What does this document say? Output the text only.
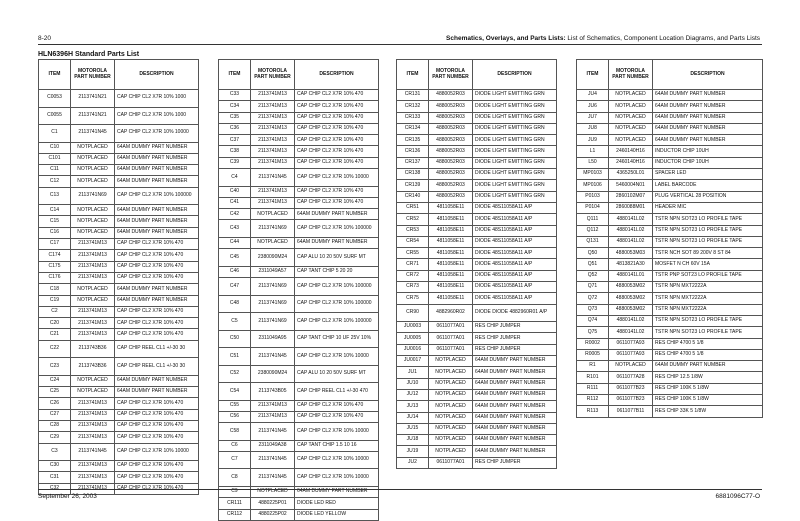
8-20	Schematics, Overlays, and Parts Lists: List of Schematics, Component Location Diagrams, and Parts Lists
HLN6396H Standard Parts List
ITEM	MOTOROLA PART NUMBER	DESCRIPTION
C0053	2113741N21	CAP CHIP CL2 X7R 10% 1000
C0055	2113741N21	CAP CHIP CL2 X7R 10% 1000
C1	2113741N45	CAP CHIP CL2 X7R 10% 10000
C10	NOTPLACED	64AM DUMMY PART NUMBER
C101	NOTPLACED	64AM DUMMY PART NUMBER
C11	NOTPLACED	64AM DUMMY PART NUMBER
C12	NOTPLACED	64AM DUMMY PART NUMBER
C13	2113741N69	CAP CHIP CL2 X7R 10% 100000
C14	NOTPLACED	64AM DUMMY PART NUMBER
C15	NOTPLACED	64AM DUMMY PART NUMBER
C16	NOTPLACED	64AM DUMMY PART NUMBER
C17	2113741M13	CAP CHIP CL2 X7R 10% 470
C174	2113741M13	CAP CHIP CL2 X7R 10% 470
C175	2113741M13	CAP CHIP CL2 X7R 10% 470
C176	2113741M13	CAP CHIP CL2 X7R 10% 470
C18	NOTPLACED	64AM DUMMY PART NUMBER
C19	NOTPLACED	64AM DUMMY PART NUMBER
C2	2113741M13	CAP CHIP CL2 X7R 10% 470
C20	2113741M13	CAP CHIP CL2 X7R 10% 470
C21	2113741M13	CAP CHIP CL2 X7R 10% 470
C22	2113743B36	CAP CHIP REEL CL1 +/-30 30
C23	2113743B36	CAP CHIP REEL CL1 +/-30 30
C24	NOTPLACED	64AM DUMMY PART NUMBER
C25	NOTPLACED	64AM DUMMY PART NUMBER
C26	2113741M13	CAP CHIP CL2 X7R 10% 470
C27	2113741M13	CAP CHIP CL2 X7R 10% 470
C28	2113741M13	CAP CHIP CL2 X7R 10% 470
C29	2113741M13	CAP CHIP CL2 X7R 10% 470
C3	2113741N45	CAP CHIP CL2 X7R 10% 10000
C30	2113741M13	CAP CHIP CL2 X7R 10% 470
C31	2113741M13	CAP CHIP CL2 X7R 10% 470
C32	2113741M13	CAP CHIP CL2 X7R 10% 470
ITEM	MOTOROLA PART NUMBER	DESCRIPTION
C33	2113741M13	CAP CHIP CL2 X7R 10% 470
C34	2113741M13	CAP CHIP CL2 X7R 10% 470
C35	2113741M13	CAP CHIP CL2 X7R 10% 470
C36	2113741M13	CAP CHIP CL2 X7R 10% 470
C37	2113741M13	CAP CHIP CL2 X7R 10% 470
C38	2113741M13	CAP CHIP CL2 X7R 10% 470
C39	2113741M13	CAP CHIP CL2 X7R 10% 470
C4	2113741N45	CAP CHIP CL2 X7R 10% 10000
C40	2113741M13	CAP CHIP CL2 X7R 10% 470
C41	2113741M13	CAP CHIP CL2 X7R 10% 470
C42	NOTPLACED	64AM DUMMY PART NUMBER
C43	2113741N69	CAP CHIP CL2 X7R 10% 100000
C44	NOTPLACED	64AM DUMMY PART NUMBER
C45	2380090M24	CAP ALU 10 20 50V SURF MT
C46	2311049A57	CAP TANT CHIP 5 20 20
C47	2113741N69	CAP CHIP CL2 X7R 10% 100000
C48	2113741N69	CAP CHIP CL2 X7R 10% 100000
C5	2113741N69	CAP CHIP CL2 X7R 10% 100000
C50	2311049A95	CAP TANT CHIP 10 UF 25V 10%
C51	2113741N45	CAP CHIP CL2 X7R 10% 10000
C52	2380090M24	CAP ALU 10 20 50V SURF MT
C54	2113743B05	CAP CHIP REEL CL1 +/-30 470
C55	2113741M13	CAP CHIP CL2 X7R 10% 470
C56	2113741M13	CAP CHIP CL2 X7R 10% 470
C58	2113741N45	CAP CHIP CL2 X7R 10% 10000
C6	2311049A38	CAP TANT CHIP 1.5 10 16
C7	2113741N45	CAP CHIP CL2 X7R 10% 10000
C8	2113741N45	CAP CHIP CL2 X7R 10% 10000
C9	NOTPLACED	64AM DUMMY PART NUMBER
CR111	4880225P01	DIODE LED RED
CR112	4880225P02	DIODE LED YELLOW
ITEM	MOTOROLA PART NUMBER	DESCRIPTION
CR131	4880052R03	DIODE LIGHT EMITTING GRN
CR132	4880052R03	DIODE LIGHT EMITTING GRN
CR133	4880052R03	DIODE LIGHT EMITTING GRN
CR134	4880052R03	DIODE LIGHT EMITTING GRN
CR135	4880052R03	DIODE LIGHT EMITTING GRN
CR136	4880052R03	DIODE LIGHT EMITTING GRN
CR137	4880052R03	DIODE LIGHT EMITTING GRN
CR138	4880052R03	DIODE LIGHT EMITTING GRN
CR139	4880052R03	DIODE LIGHT EMITTING GRN
CR140	4880052R03	DIODE LIGHT EMITTING GRN
CR51	4811058E11	DIODE 48S11058A11 A/P
CR52	4811058E11	DIODE 48S11058A11 A/P
CR53	4811058E11	DIODE 48S11058A11 A/P
CR54	4811058E11	DIODE 48S11058A11 A/P
CR55	4811058E11	DIODE 48S11058A11 A/P
CR71	4811058E11	DIODE 48S11058A11 A/P
CR72	4811058E11	DIODE 48S11058A11 A/P
CR73	4811058E11	DIODE 48S11058A11 A/P
CR75	4811058E11	DIODE 48S11058A11 A/P
CR90	4882960R02	DIODE DIODE 4882960R01 A/P
JU0003	0611077A01	RES CHIP JUMPER
JU0005	0611077A01	RES CHIP JUMPER
JU0016	0611077A01	RES CHIP JUMPER
JU0017	NOTPLACED	64AM DUMMY PART NUMBER
JU1	NOTPLACED	64AM DUMMY PART NUMBER
JU10	NOTPLACED	64AM DUMMY PART NUMBER
JU12	NOTPLACED	64AM DUMMY PART NUMBER
JU13	NOTPLACED	64AM DUMMY PART NUMBER
JU14	NOTPLACED	64AM DUMMY PART NUMBER
JU15	NOTPLACED	64AM DUMMY PART NUMBER
JU18	NOTPLACED	64AM DUMMY PART NUMBER
JU19	NOTPLACED	64AM DUMMY PART NUMBER
JU2	0611077A01	RES CHIP JUMPER
ITEM	MOTOROLA PART NUMBER	DESCRIPTION
JU4	NOTPLACED	64AM DUMMY PART NUMBER
JU6	NOTPLACED	64AM DUMMY PART NUMBER
JU7	NOTPLACED	64AM DUMMY PART NUMBER
JU8	NOTPLACED	64AM DUMMY PART NUMBER
JU9	NOTPLACED	64AM DUMMY PART NUMBER
L1	2460140H16	INDUCTOR CHIP 10UH
L50	2460140H16	INDUCTOR CHIP 10UH
MP0103	4365250L01	SPACER LED
MP0106	5460004N01	LABEL BARCODE
P0103	2860102M07	PLUG VERTICAL 28 POSITION
P0104	2860088M01	HEADER MIC
Q111	4880141L02	TSTR NPN SOT23 LO PROFILE TAPE
Q112	4880141L02	TSTR NPN SOT23 LO PROFILE TAPE
Q131	4880141L02	TSTR NPN SOT23 LO PROFILE TAPE
Q50	4880053M03	TSTR NCH SOT 89 200V 8 ST 84
Q51	4813821A30	MOSFET N CH 60V 15A
Q52	4880141L01	TSTR PNP SOT23 LO PROFILE TAPE
Q71	4880053M02	TSTR NPN MXT2222A
Q72	4880053M02	TSTR NPN MXT2222A
Q73	4880053M02	TSTR NPN MXT2222A
Q74	4880141L02	TSTR NPN SOT23 LO PROFILE TAPE
Q75	4880141L02	TSTR NPN SOT23 LO PROFILE TAPE
R0002	0611077A93	RES CHIP 4700 5 1/8
R0005	0611077A93	RES CHIP 4700 5 1/8
R1	NOTPLACED	64AM DUMMY PART NUMBER
R101	0611077A28	RES CHIP 12.5 1/8W
R111	0611077B23	RES CHIP 100K 5 1/8W
R112	0611077B23	RES CHIP 100K 5 1/8W
R113	0611077B11	RES CHIP 33K 5 1/8W
September 26, 2003	6881096C77-O
